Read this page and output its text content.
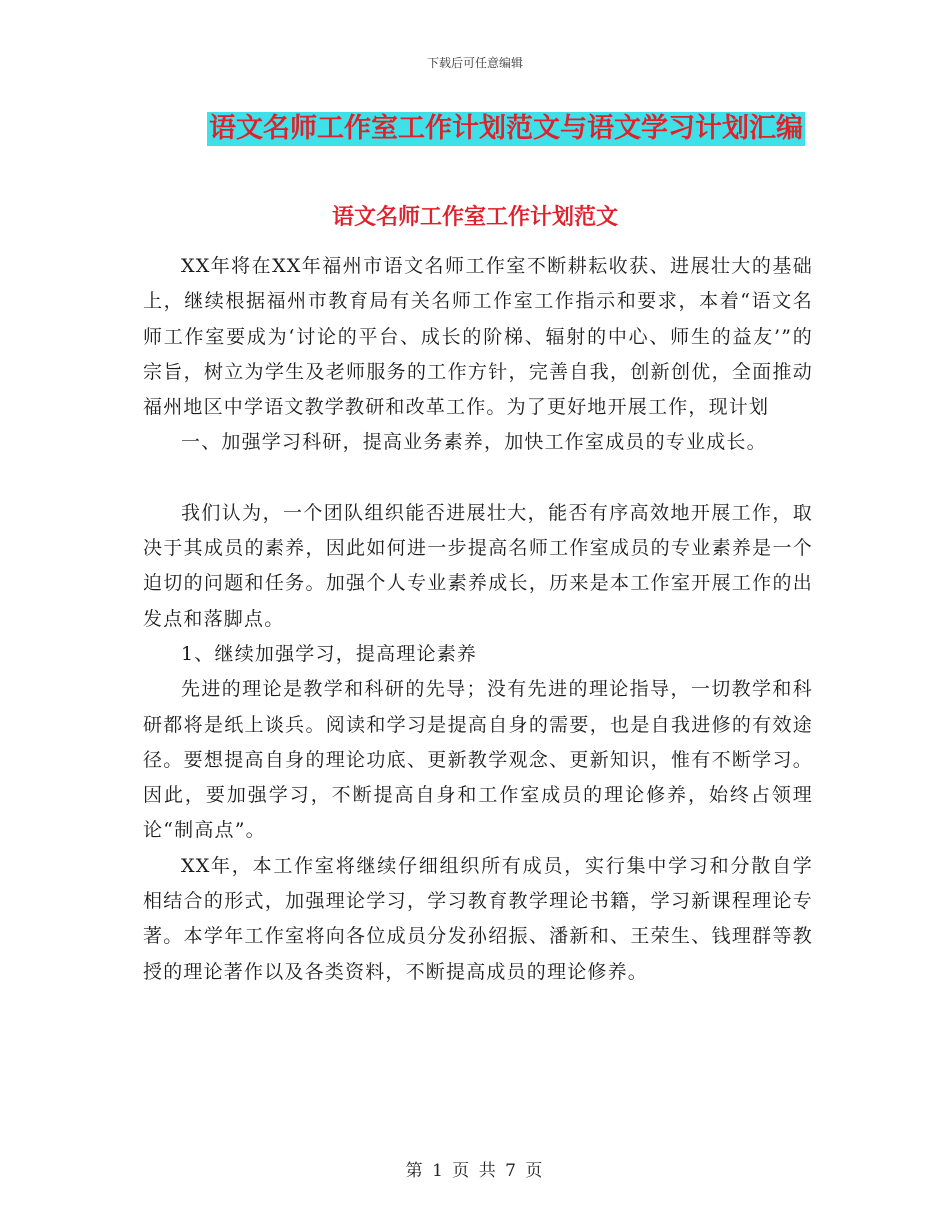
下载后可任意编辑
语文名师工作室工作计划范文与语文学习计划汇编
语文名师工作室工作计划范文

XX年将在XX年福州市语文名师工作室不断耕耘收获、进展壮大的基础上，继续根据福州市教育局有关名师工作室工作指示和要求，本着“语文名师工作室要成为‘讨论的平台、成长的阶梯、辐射的中心、师生的益友’”的宗旨，树立为学生及老师服务的工作方针，完善自我，创新创优，全面推动福州地区中学语文教学教研和改革工作。为了更好地开展工作，现计划

一、加强学习科研，提高业务素养，加快工作室成员的专业成长。

我们认为，一个团队组织能否进展壮大，能否有序高效地开展工作，取决于其成员的素养，因此如何进一步提高名师工作室成员的专业素养是一个迫切的问题和任务。加强个人专业素养成长，历来是本工作室开展工作的出发点和落脚点。

1、继续加强学习，提高理论素养

先进的理论是教学和科研的先导；没有先进的理论指导，一切教学和科研都将是纸上谈兵。阅读和学习是提高自身的需要，也是自我进修的有效途径。要想提高自身的理论功底、更新教学观念、更新知识，惟有不断学习。因此，要加强学习，不断提高自身和工作室成员的理论修养，始终占领理论“制高点”。

XX年，本工作室将继续仔细组织所有成员，实行集中学习和分散自学相结合的形式，加强理论学习，学习教育教学理论书籍，学习新课程理论专著。本学年工作室将向各位成员分发孙绍振、潘新和、王荣生、钱理群等教授的理论著作以及各类资料，不断提高成员的理论修养。

第 1 页 共 7 页
